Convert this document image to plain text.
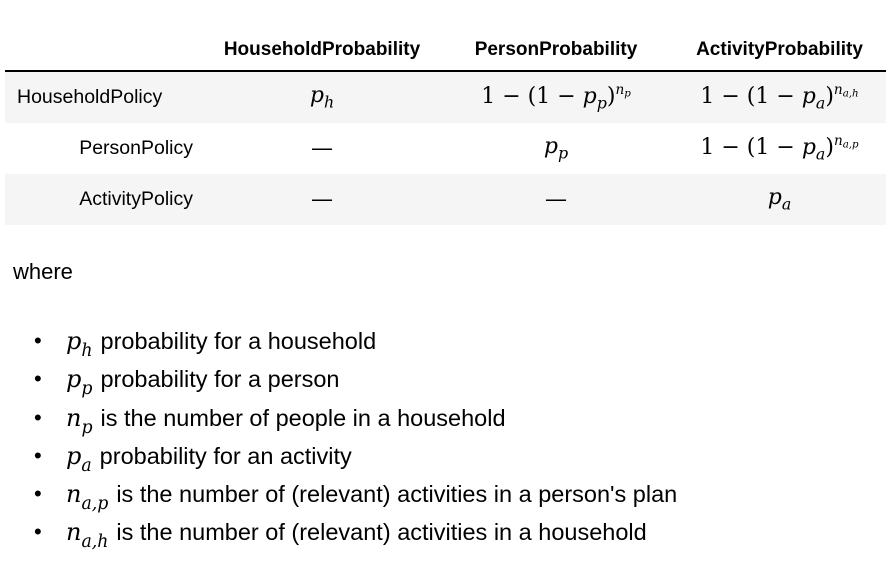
	HouseholdProbability	PersonProbability	ActivityProbability
HouseholdPolicy	$p_h$	$1 - (1 - p_p)^{np}$	$1 - (1 - p_a)^{na,h}$
PersonPolicy	—	$p_p$	$1 - (1 - p_a)^{na,p}$
ActivityPolicy	—	—	$p_a$
where
• $p_h$ probability for a household
• $p_p$ probability for a person
• $n_p$ is the number of people in a household
• $p_a$ probability for an activity
• $n_{a,p}$ is the number of (relevant) activities in a person's plan
• $n_{a,h}$ is the number of (relevant) activities in a household
